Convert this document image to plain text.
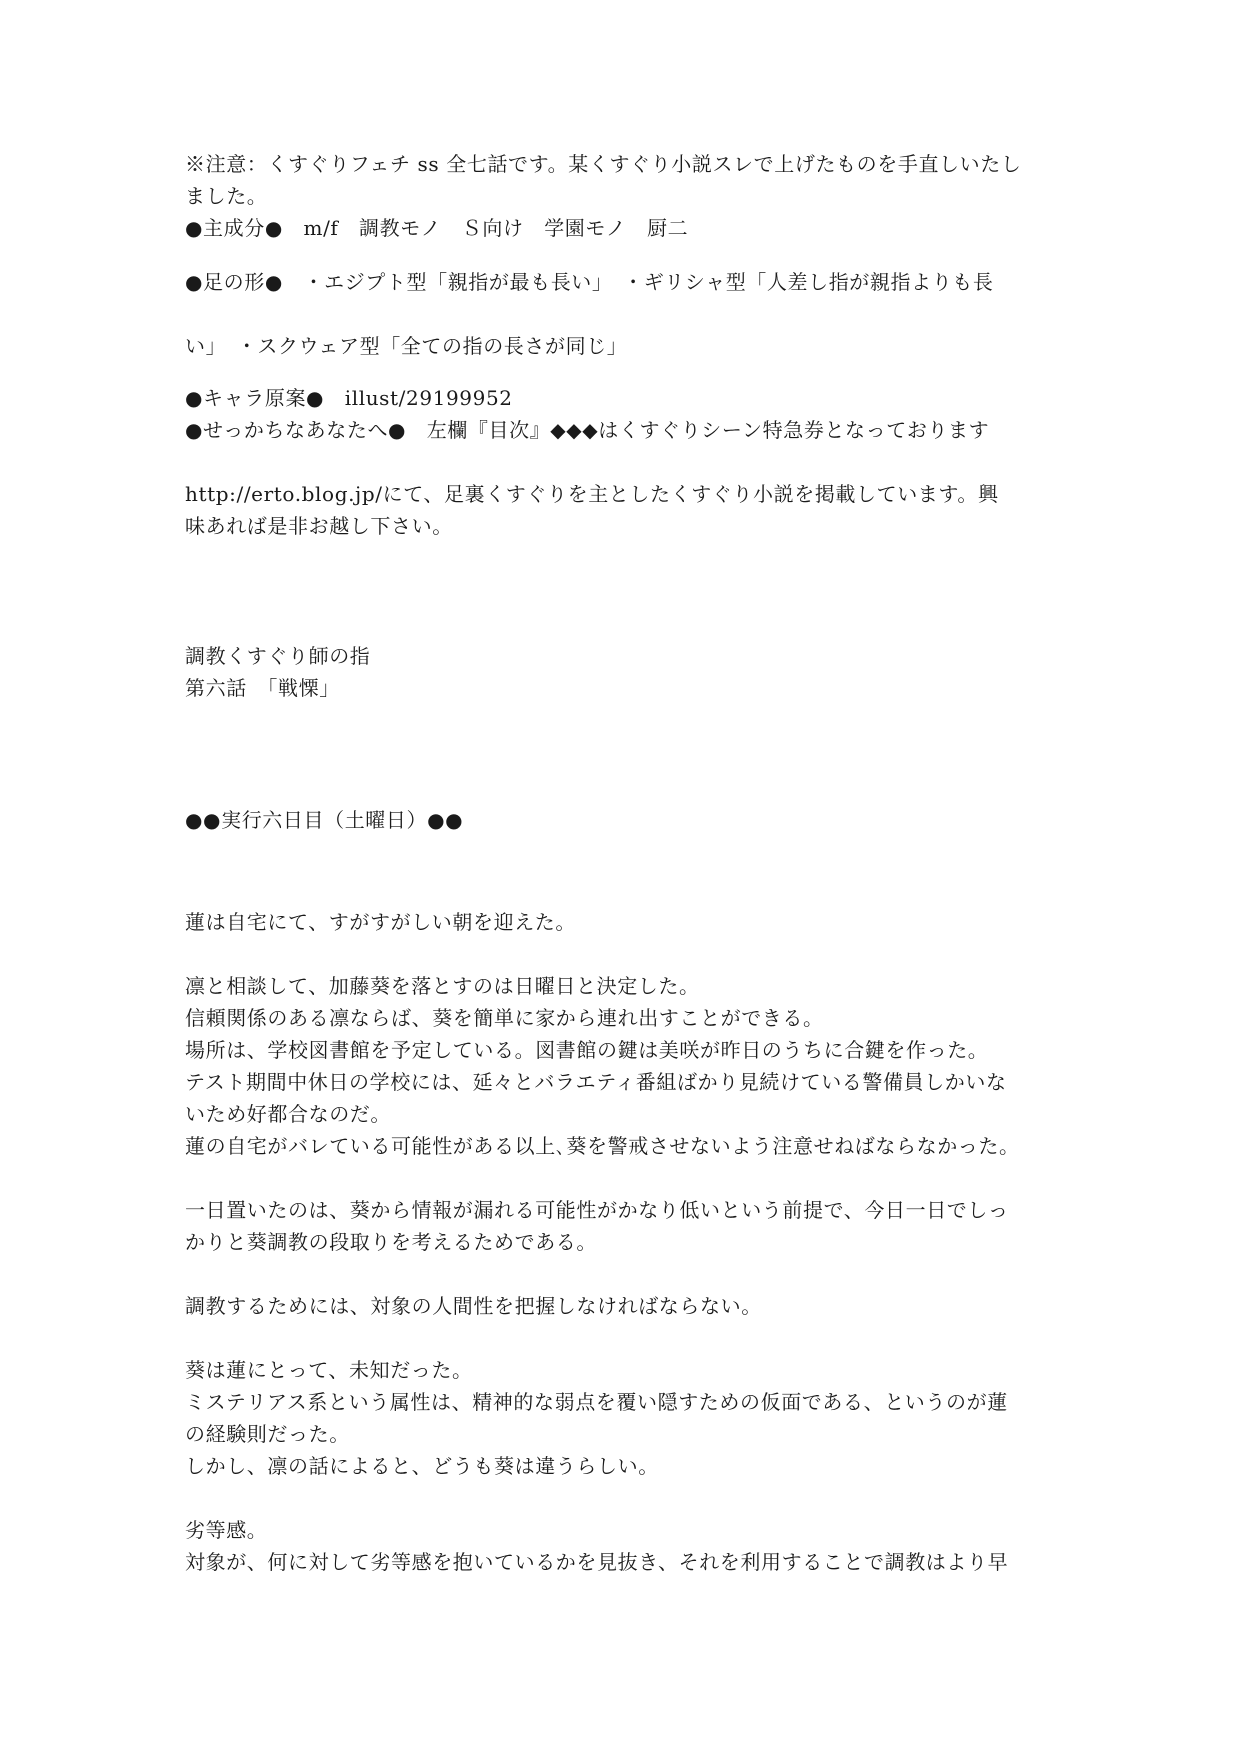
※注意：くすぐりフェチ ss 全七話です。某くすぐり小説スレで上げたものを手直しいたし
ました。
●主成分●　m/f　調教モノ　Ｓ向け　学園モノ　厨二
●足の形●　・エジプト型「親指が最も長い」　・ギリシャ型「人差し指が親指よりも長
い」　・スクウェア型「全ての指の長さが同じ」
●キャラ原案●　illust/29199952
●せっかちなあなたへ●　左欄『目次』◆◆◆はくすぐりシーン特急券となっております
http://erto.blog.jp/にて、足裏くすぐりを主としたくすぐり小説を掲載しています。興
味あれば是非お越し下さい。
調教くすぐり師の指
第六話　「戦慄」
●●実行六日目（土曜日）●●
蓮は自宅にて、すがすがしい朝を迎えた。
凛と相談して、加藤葵を落とすのは日曜日と決定した。
信頼関係のある凛ならば、葵を簡単に家から連れ出すことができる。
場所は、学校図書館を予定している。図書館の鍵は美咲が昨日のうちに合鍵を作った。
テスト期間中休日の学校には、延々とバラエティ番組ばかり見続けている警備員しかいな
いため好都合なのだ。
蓮の自宅がバレている可能性がある以上､葵を警戒させないよう注意せねばならなかった。
一日置いたのは、葵から情報が漏れる可能性がかなり低いという前提で、今日一日でしっ
かりと葵調教の段取りを考えるためである。
調教するためには、対象の人間性を把握しなければならない。
葵は蓮にとって、未知だった。
ミステリアス系という属性は、精神的な弱点を覆い隠すための仮面である、というのが蓮
の経験則だった。
しかし、凛の話によると、どうも葵は違うらしい。
劣等感。
対象が、何に対して劣等感を抱いているかを見抜き、それを利用することで調教はより早
